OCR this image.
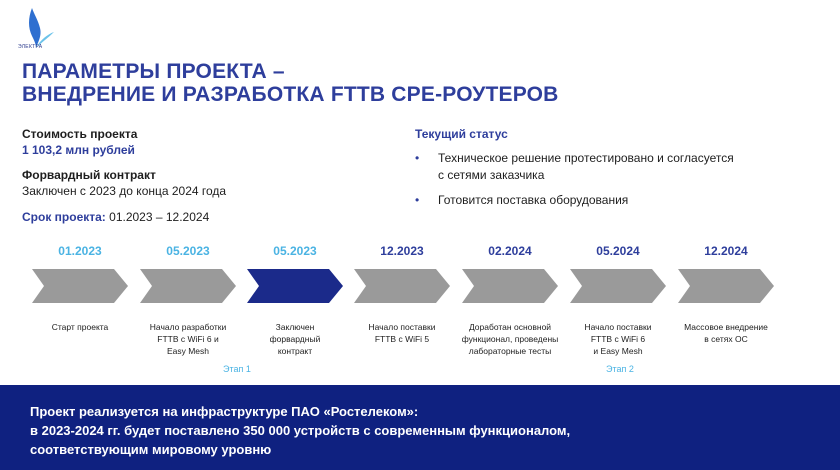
ЭЛЕКТРА
ПАРАМЕТРЫ ПРОЕКТА –
ВНЕДРЕНИЕ И РАЗРАБОТКА FTTB CPE-РОУТЕРОВ
Стоимость проекта
1 103,2 млн рублей
Форвардный контракт
Заключен с 2023 до конца 2024 года
Срок проекта: 01.2023 – 12.2024
Текущий статус
• Техническое решение протестировано и согласуется
с сетями заказчика
• Готовится поставка оборудования
01.2023
Старт проекта
05.2023
Начало разработки
FTTB с WiFi 6 и
Easy Mesh
05.2023
Заключен
форвардный
контракт
12.2023
Начало поставки
FTTB с WiFi 5
02.2024
Доработан основной
функционал, проведены
лабораторные тесты
05.2024
Начало поставки
FTTB с WiFi 6
и Easy Mesh
12.2024
Массовое внедрение
в сетях ОС
Этап 1	Этап 2
Проект реализуется на инфраструктуре ПАО «Ростелеком»:
в 2023-2024 гг. будет поставлено 350 000 устройств с современным функционалом,
соответствующим мировому уровню
